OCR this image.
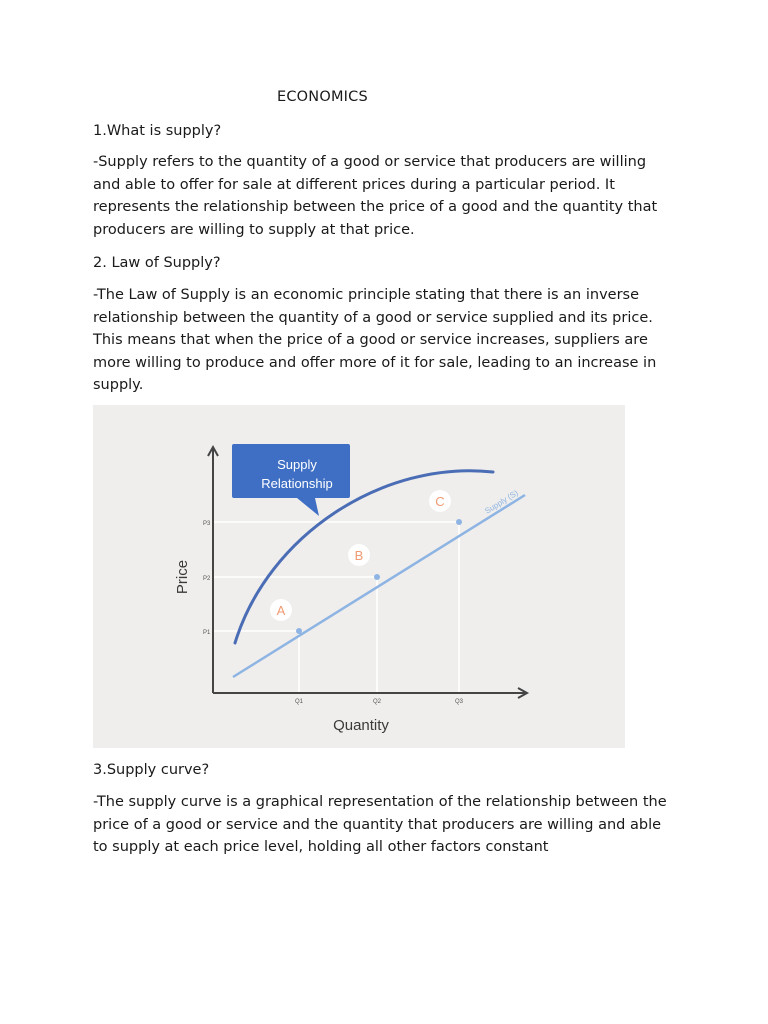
ECONOMICS
1.What is supply?
-Supply refers to the quantity of a good or service that producers are willing
and able to offer for sale at different prices during a particular period. It
represents the relationship between the price of a good and the quantity that
producers are willing to supply at that price.
2. Law of Supply?
-The Law of Supply is an economic principle stating that there is an inverse
relationship between the quantity of a good or service supplied and its price.
This means that when the price of a good or service increases, suppliers are
more willing to produce and offer more of it for sale, leading to an increase in
supply.
A
B
C	Supply (S)
Supply
Relationship
P1
P2
P3
Q1	Q2	Q3
Quantity
Price
3.Supply curve?
-The supply curve is a graphical representation of the relationship between the
price of a good or service and the quantity that producers are willing and able
to supply at each price level, holding all other factors constant
